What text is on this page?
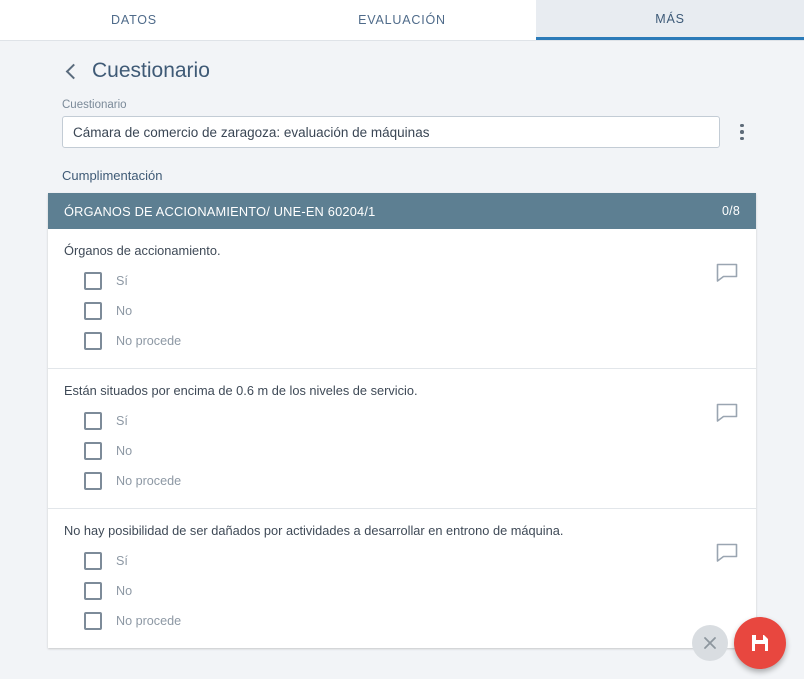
DATOS	EVALUACIÓN	MÁS
Cuestionario
Cuestionario
Cámara de comercio de zaragoza: evaluación de máquinas
Cumplimentación
ÓRGANOS DE ACCIONAMIENTO/ UNE-EN 60204/1	0/8
Órganos de accionamiento.
Sí
No
No procede
Están situados por encima de 0.6 m de los niveles de servicio.
Sí
No
No procede
No hay posibilidad de ser dañados por actividades a desarrollar en entrono de máquina.
Sí
No
No procede
